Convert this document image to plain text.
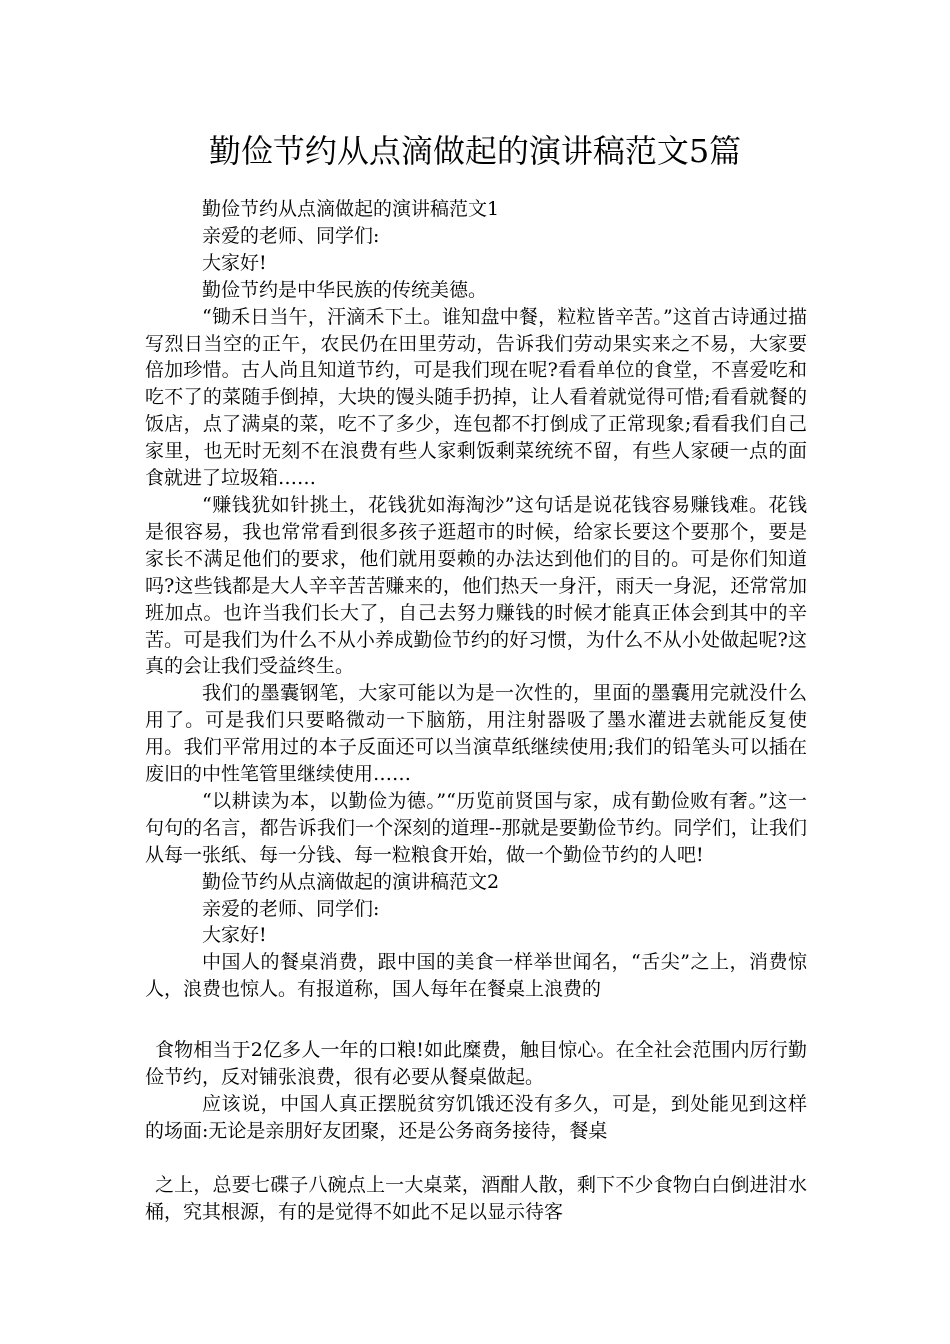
勤俭节约从点滴做起的演讲稿范文5篇

勤俭节约从点滴做起的演讲稿范文1

亲爱的老师、同学们:

大家好!

勤俭节约是中华民族的传统美德。

“锄禾日当午，汗滴禾下土。谁知盘中餐，粒粒皆辛苦。”这首古诗通过描写烈日当空的正午，农民仍在田里劳动，告诉我们劳动果实来之不易，大家要倍加珍惜。古人尚且知道节约，可是我们现在呢?看看单位的食堂，不喜爱吃和吃不了的菜随手倒掉，大块的馒头随手扔掉，让人看着就觉得可惜;看看就餐的饭店，点了满桌的菜，吃不了多少，连包都不打倒成了正常现象;看看我们自己家里，也无时无刻不在浪费有些人家剩饭剩菜统统不留，有些人家硬一点的面食就进了垃圾箱……

“赚钱犹如针挑土，花钱犹如海淘沙”这句话是说花钱容易赚钱难。花钱是很容易，我也常常看到很多孩子逛超市的时候，给家长要这个要那个，要是家长不满足他们的要求，他们就用耍赖的办法达到他们的目的。可是你们知道吗?这些钱都是大人辛辛苦苦赚来的，他们热天一身汗，雨天一身泥，还常常加班加点。也许当我们长大了，自己去努力赚钱的时候才能真正体会到其中的辛苦。可是我们为什么不从小养成勤俭节约的好习惯，为什么不从小处做起呢?这真的会让我们受益终生。

我们的墨囊钢笔，大家可能以为是一次性的，里面的墨囊用完就没什么用了。可是我们只要略微动一下脑筋，用注射器吸了墨水灌进去就能反复使用。我们平常用过的本子反面还可以当演草纸继续使用;我们的铅笔头可以插在废旧的中性笔管里继续使用……

“以耕读为本，以勤俭为德。”“历览前贤国与家，成有勤俭败有奢。”这一句句的名言，都告诉我们一个深刻的道理--那就是要勤俭节约。同学们，让我们从每一张纸、每一分钱、每一粒粮食开始，做一个勤俭节约的人吧!

勤俭节约从点滴做起的演讲稿范文2

亲爱的老师、同学们:

大家好!

中国人的餐桌消费，跟中国的美食一样举世闻名，“舌尖”之上，消费惊人，浪费也惊人。有报道称，国人每年在餐桌上浪费的

食物相当于2亿多人一年的口粮!如此糜费，触目惊心。在全社会范围内厉行勤俭节约，反对铺张浪费，很有必要从餐桌做起。

应该说，中国人真正摆脱贫穷饥饿还没有多久，可是，到处能见到这样的场面:无论是亲朋好友团聚，还是公务商务接待，餐桌

之上，总要七碟子八碗点上一大桌菜，酒酣人散，剩下不少食物白白倒进泔水桶，究其根源，有的是觉得不如此不足以显示待客
